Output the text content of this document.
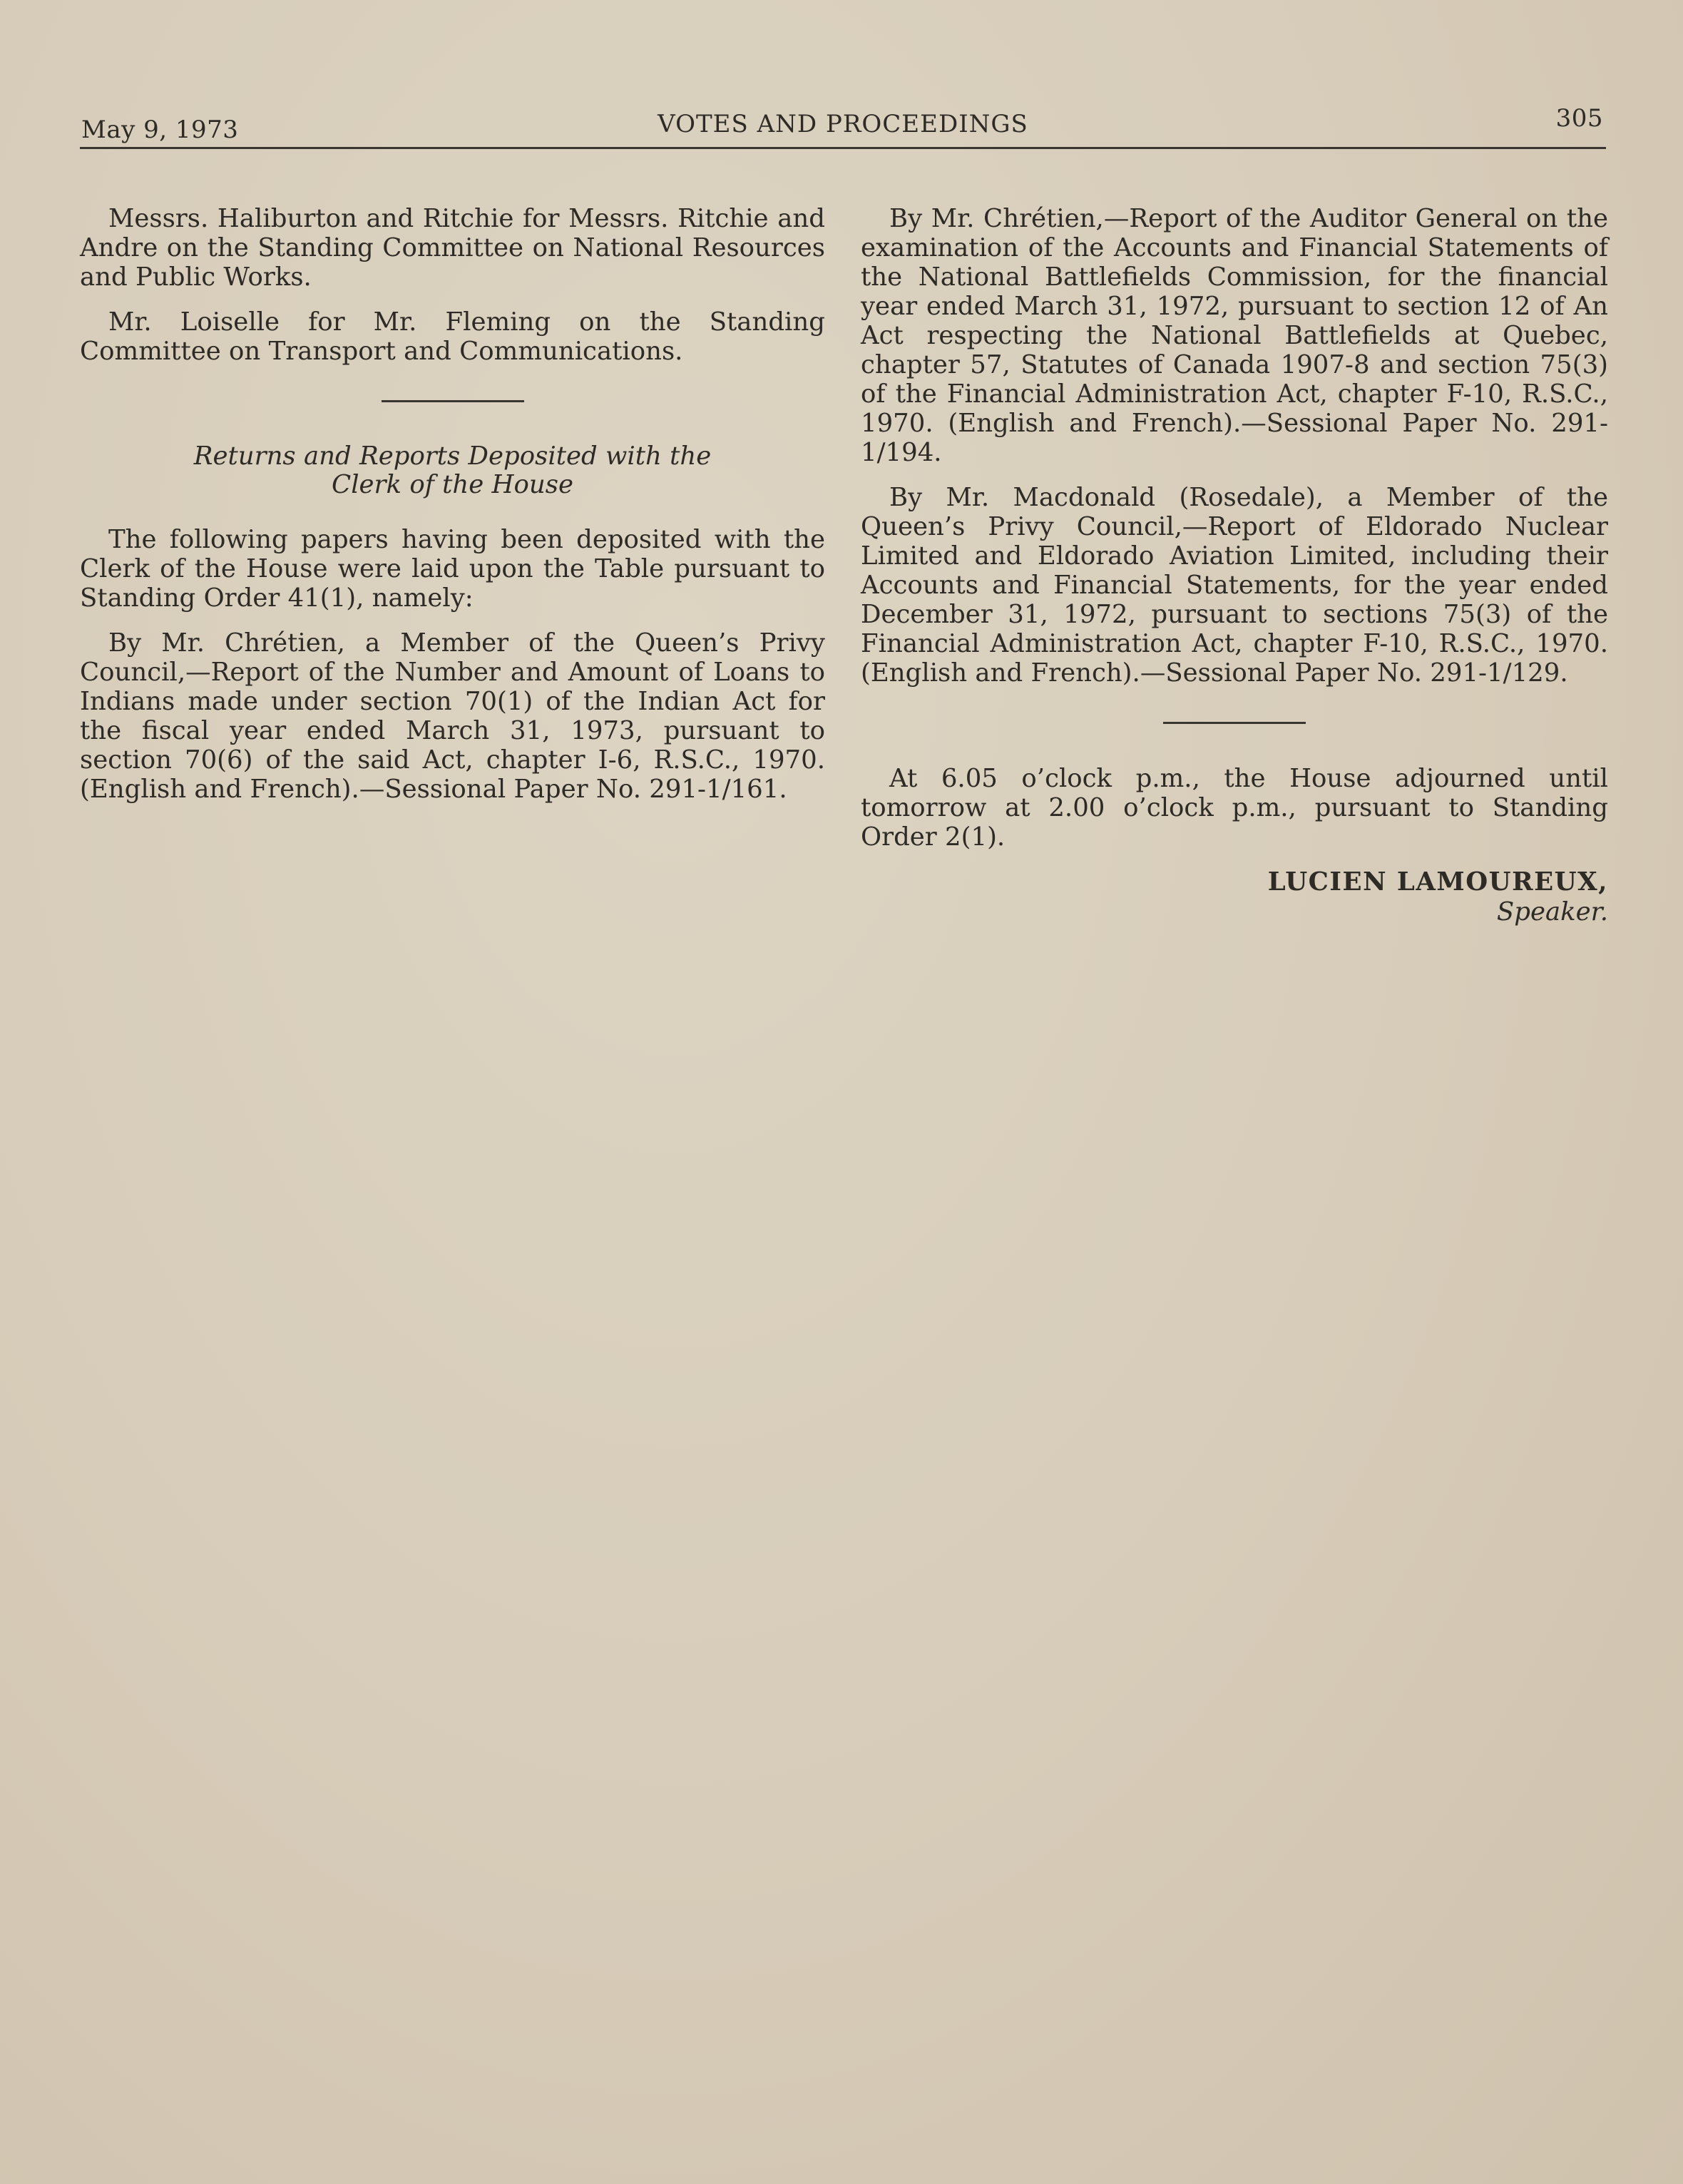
May 9, 1973	VOTES AND PROCEEDINGS	305

Messrs. Haliburton and Ritchie for Messrs. Ritchie and Andre on the Standing Committee on National Resources and Public Works.

Mr. Loiselle for Mr. Fleming on the Standing Committee on Transport and Communications.

Returns and Reports Deposited with the
Clerk of the House

The following papers having been deposited with the Clerk of the House were laid upon the Table pursuant to Standing Order 41(1), namely:

By Mr. Chrétien, a Member of the Queen’s Privy Council,—Report of the Number and Amount of Loans to Indians made under section 70(1) of the Indian Act for the fiscal year ended March 31, 1973, pursuant to section 70(6) of the said Act, chapter I-6, R.S.C., 1970. (English and French).—Sessional Paper No. 291-1/161.

By Mr. Chrétien,—Report of the Auditor General on the examination of the Accounts and Financial Statements of the National Battlefields Commission, for the financial year ended March 31, 1972, pursuant to section 12 of An Act respecting the National Battlefields at Quebec, chapter 57, Statutes of Canada 1907-8 and section 75(3) of the Financial Administration Act, chapter F-10, R.S.C., 1970. (English and French).—Sessional Paper No. 291-1/194.

By Mr. Macdonald (Rosedale), a Member of the Queen’s Privy Council,—Report of Eldorado Nuclear Limited and Eldorado Aviation Limited, including their Accounts and Financial Statements, for the year ended December 31, 1972, pursuant to sections 75(3) of the Financial Administration Act, chapter F-10, R.S.C., 1970. (English and French).—Sessional Paper No. 291-1/129.

At 6.05 o’clock p.m., the House adjourned until tomorrow at 2.00 o’clock p.m., pursuant to Standing Order 2(1).

LUCIEN LAMOUREUX,
Speaker.
